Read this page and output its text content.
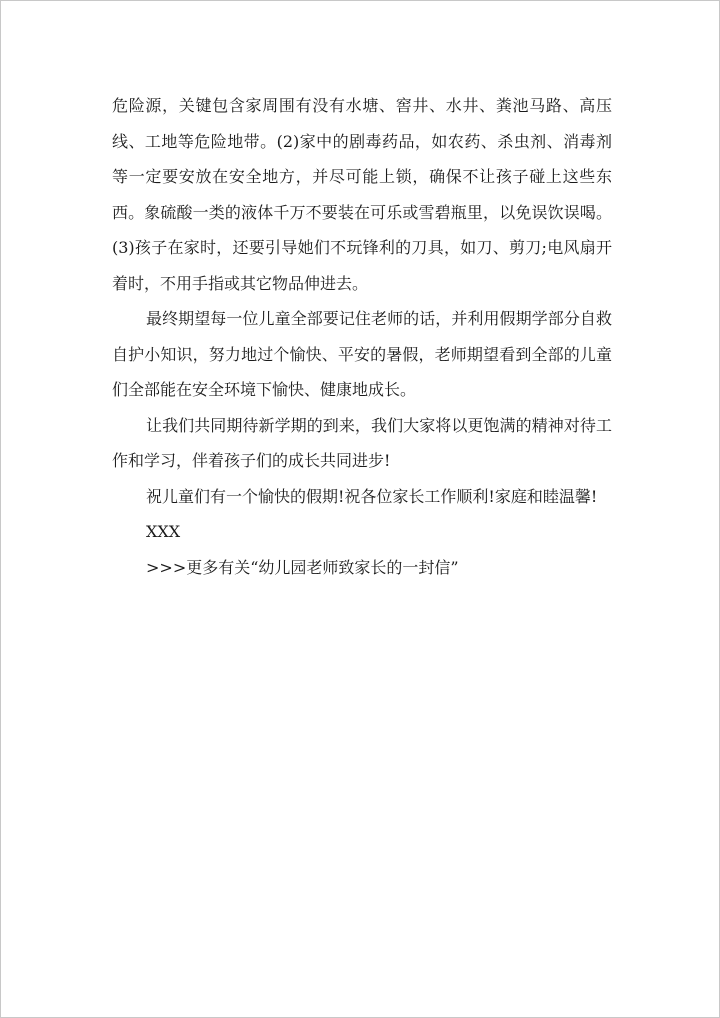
危险源，关键包含家周围有没有水塘、窖井、水井、粪池马路、高压线、工地等危险地带。(2)家中的剧毒药品，如农药、杀虫剂、消毒剂等一定要安放在安全地方，并尽可能上锁，确保不让孩子碰上这些东西。象硫酸一类的液体千万不要装在可乐或雪碧瓶里，以免误饮误喝。(3)孩子在家时，还要引导她们不玩锋利的刀具，如刀、剪刀;电风扇开着时，不用手指或其它物品伸进去。

最终期望每一位儿童全部要记住老师的话，并利用假期学部分自救自护小知识，努力地过个愉快、平安的暑假，老师期望看到全部的儿童们全部能在安全环境下愉快、健康地成长。

让我们共同期待新学期的到来，我们大家将以更饱满的精神对待工作和学习，伴着孩子们的成长共同进步!

祝儿童们有一个愉快的假期!祝各位家长工作顺利!家庭和睦温馨!

XXX

>>>更多有关“幼儿园老师致家长的一封信”
